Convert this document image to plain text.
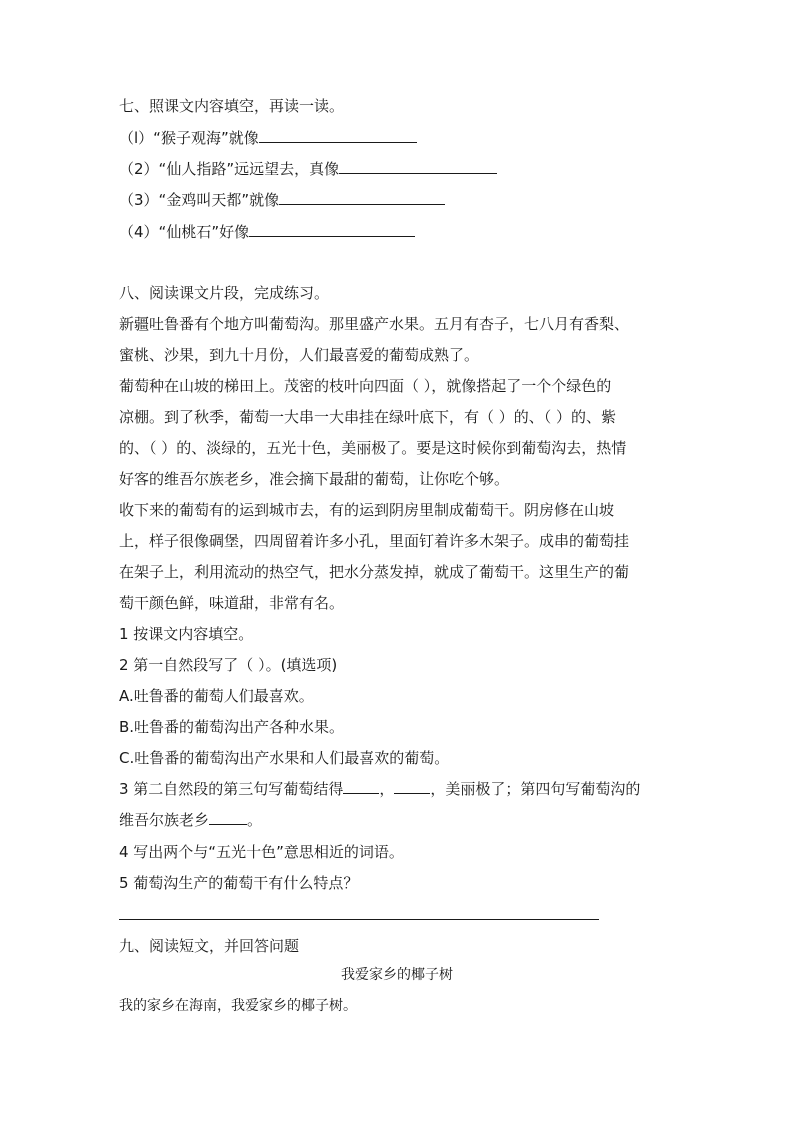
七、照课文内容填空，再读一读。
（l）“猴子观海”就像
（2）“仙人指路”远远望去，真像
（3）“金鸡叫天都”就像
（4）“仙桃石”好像
八、阅读课文片段，完成练习。
新疆吐鲁番有个地方叫葡萄沟。那里盛产水果。五月有杏子，七八月有香梨、
蜜桃、沙果，到九十月份，人们最喜爱的葡萄成熟了。
葡萄种在山坡的梯田上。茂密的枝叶向四面（ ），就像搭起了一个个绿色的
凉棚。到了秋季，葡萄一大串一大串挂在绿叶底下，有（ ）的、（ ）的、紫
的、（ ）的、淡绿的，五光十色，美丽极了。要是这时候你到葡萄沟去，热情
好客的维吾尔族老乡，准会摘下最甜的葡萄，让你吃个够。
收下来的葡萄有的运到城市去，有的运到阴房里制成葡萄干。阴房修在山坡
上，样子很像碉堡，四周留着许多小孔，里面钉着许多木架子。成串的葡萄挂
在架子上，利用流动的热空气，把水分蒸发掉，就成了葡萄干。这里生产的葡
萄干颜色鲜，味道甜，非常有名。
1 按课文内容填空。
2 第一自然段写了（ ）。(填选项)
A.吐鲁番的葡萄人们最喜欢。
B.吐鲁番的葡萄沟出产各种水果。
C.吐鲁番的葡萄沟出产水果和人们最喜欢的葡萄。
3 第二自然段的第三句写葡萄结得 ， ，美丽极了；第四句写葡萄沟的
维吾尔族老乡	。
4 写出两个与“五光十色”意思相近的词语。
5 葡萄沟生产的葡萄干有什么特点？
九、阅读短文，并回答问题
我爱家乡的椰子树
我的家乡在海南，我爱家乡的椰子树。
